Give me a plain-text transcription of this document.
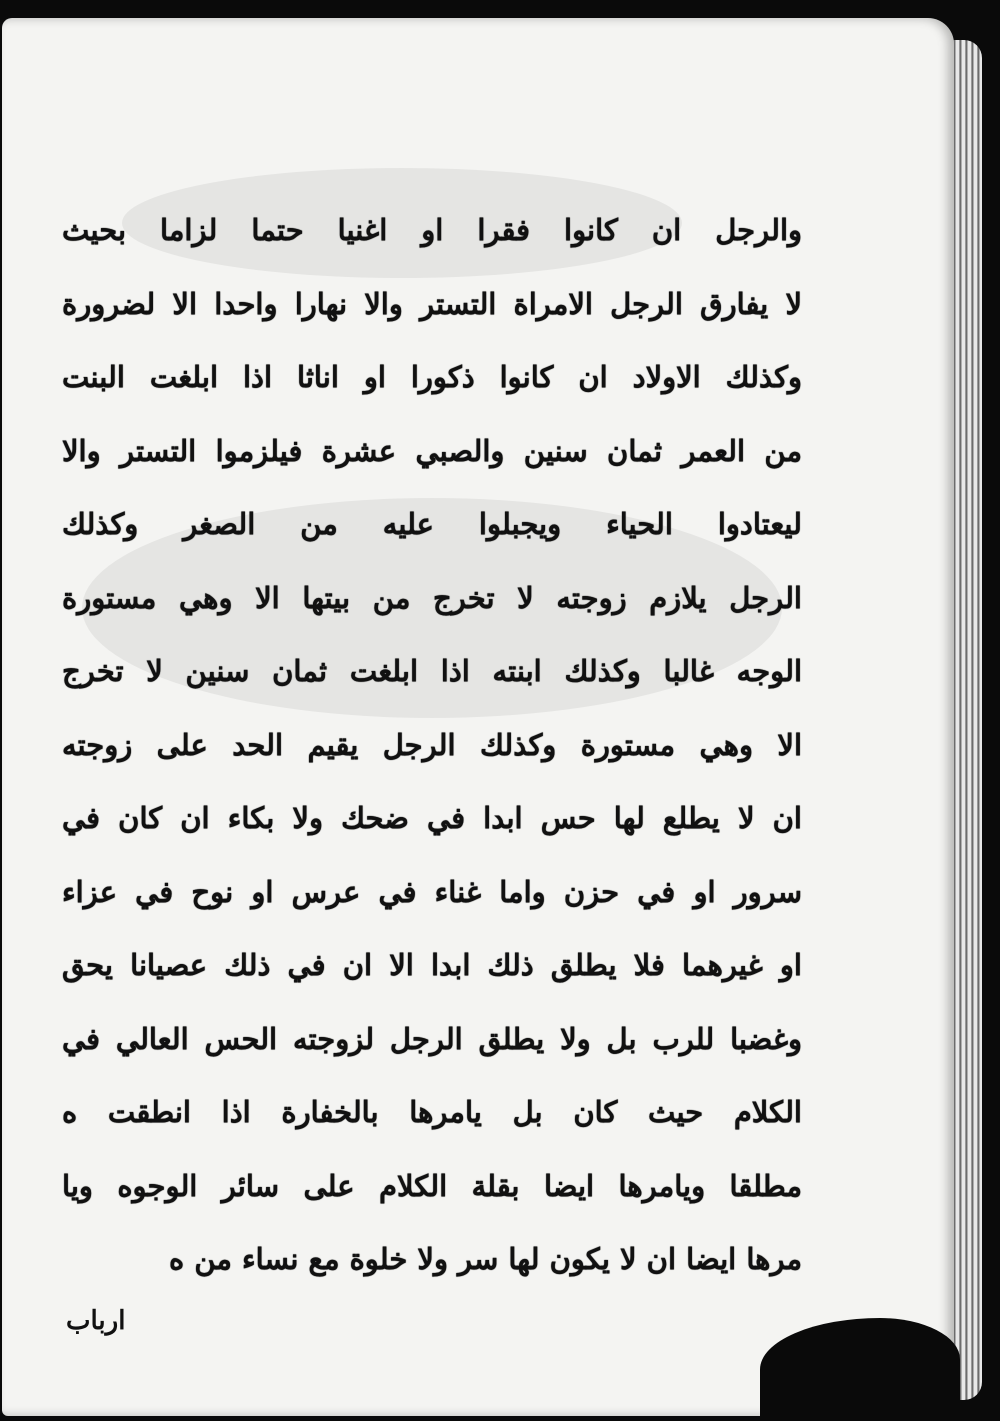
والرجل ان كانوا فقرا او اغنيا حتما لزاما بحيث
لا يفارق الرجل الامراة التستر والا نهارا واحدا الا لضرورة
وكذلك الاولاد ان كانوا ذكورا او اناثا اذا ابلغت البنت
من العمر ثمان سنين والصبي عشرة فيلزموا التستر والا
ليعتادوا الحياء ويجبلوا عليه من الصغر وكذلك
الرجل يلازم زوجته لا تخرج من بيتها الا وهي مستورة
الوجه غالبا وكذلك ابنته اذا ابلغت ثمان سنين لا تخرج
الا وهي مستورة وكذلك الرجل يقيم الحد على زوجته
ان لا يطلع لها حس ابدا في ضحك ولا بكاء ان كان في
سرور او في حزن واما غناء في عرس او نوح في عزاء
او غيرهما فلا يطلق ذلك ابدا الا ان في ذلك عصيانا يحق
وغضبا للرب بل ولا يطلق الرجل لزوجته الحس العالي في
الكلام حيث كان بل يامرها بالخفارة اذا انطقت ه
مطلقا ويامرها ايضا بقلة الكلام على سائر الوجوه ويا
مرها ايضا ان لا يكون لها سر ولا خلوة مع نساء من ه
ارباب
